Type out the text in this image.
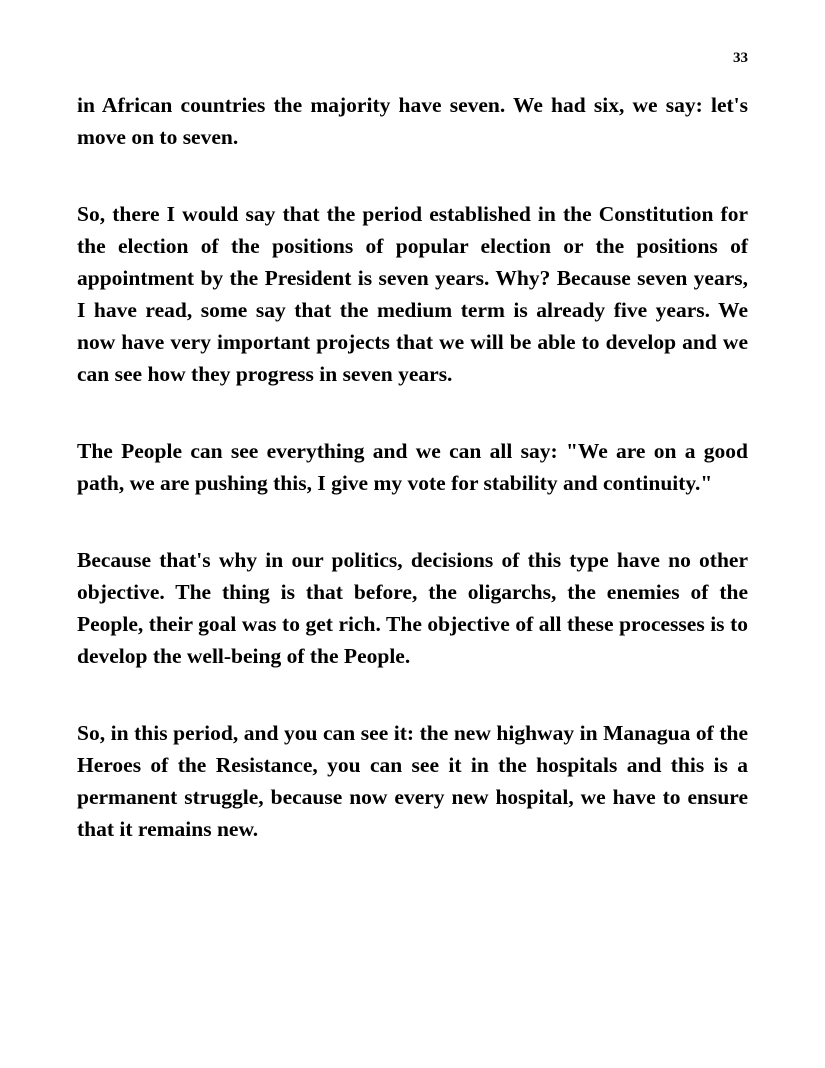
33

in African countries the majority have seven. We had six, we say: let's move on to seven.

So, there I would say that the period established in the Constitution for the election of the positions of popular election or the positions of appointment by the President is seven years. Why? Because seven years, I have read, some say that the medium term is already five years. We now have very important projects that we will be able to develop and we can see how they progress in seven years.

The People can see everything and we can all say: "We are on a good path, we are pushing this, I give my vote for stability and continuity."

Because that's why in our politics, decisions of this type have no other objective. The thing is that before, the oligarchs, the enemies of the People, their goal was to get rich. The objective of all these processes is to develop the well-being of the People.

So, in this period, and you can see it: the new highway in Managua of the Heroes of the Resistance, you can see it in the hospitals and this is a permanent struggle, because now every new hospital, we have to ensure that it remains new.
